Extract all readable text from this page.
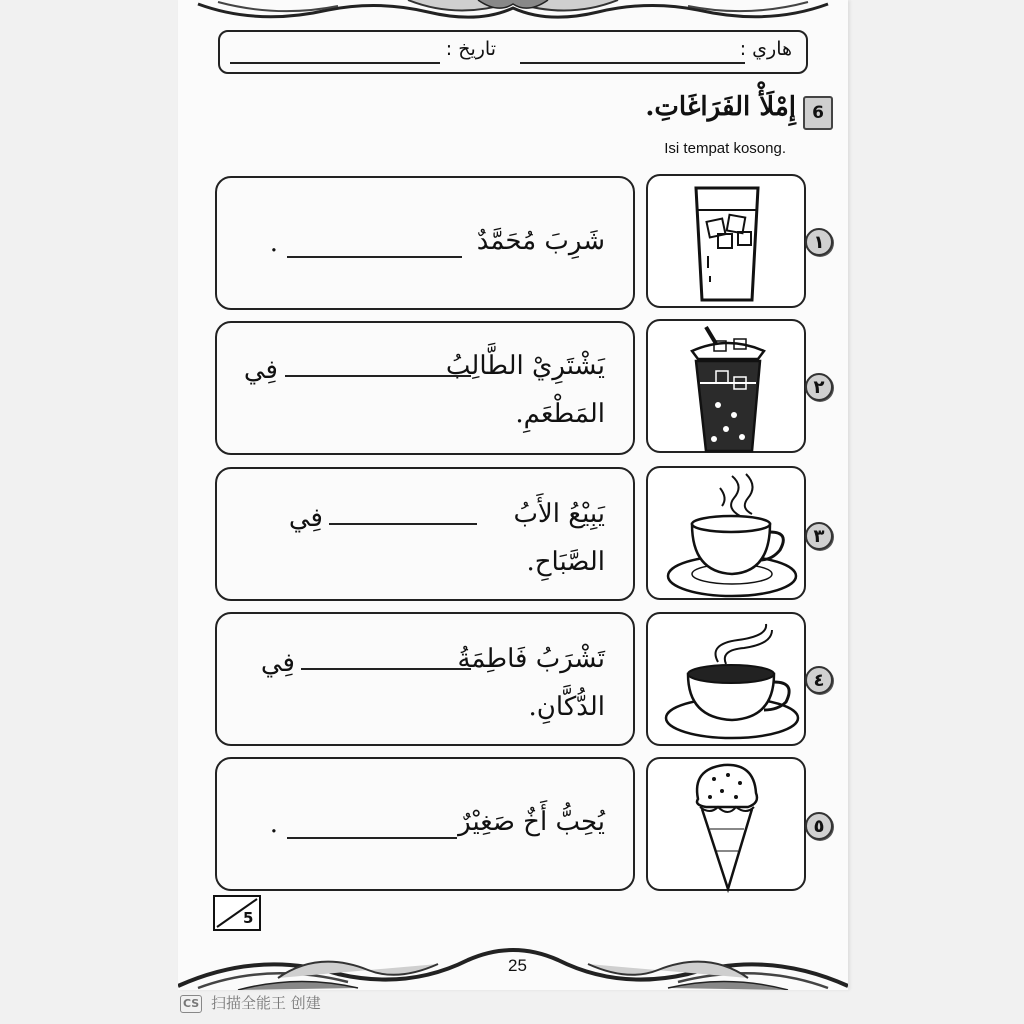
هاري :
تاريخ :
6
إِمْلَأْ الفَرَاغَاتِ.
Isi tempat kosong.
شَرِبَ مُحَمَّدٌ
.	١
يَشْتَرِيْ الطَّالِبُ
فِي
المَطْعَمِ.
٢
يَبِيْعُ الأَبُ
فِي
الصَّبَاحِ.
٣
تَشْرَبُ فَاطِمَةُ
فِي
الدُّكَّانِ.
٤
يُحِبُّ أَخٌ صَغِيْرٌ
.	٥
5
25
CS 扫描全能王 创建
